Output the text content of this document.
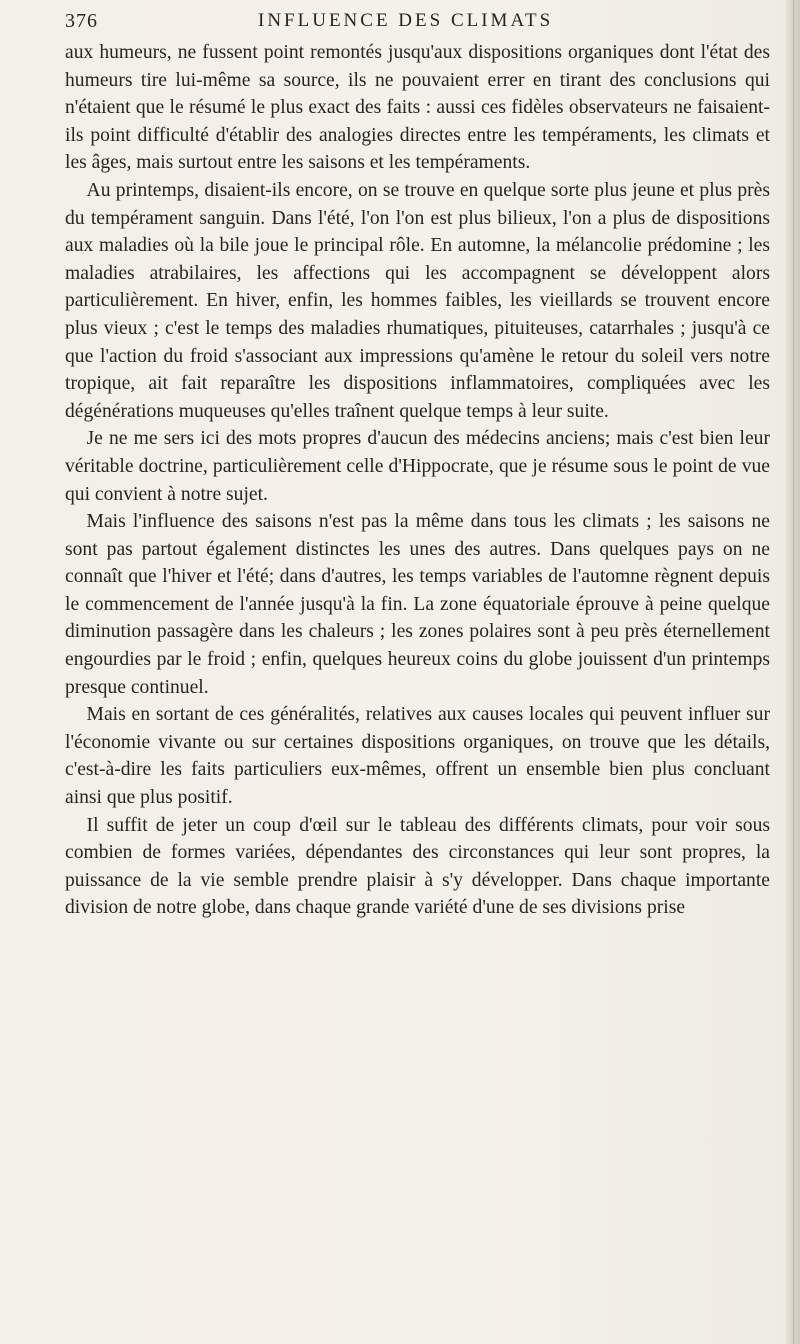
376	INFLUENCE DES CLIMATS

aux humeurs, ne fussent point remontés jusqu'aux dispositions organiques dont l'état des humeurs tire lui-même sa source, ils ne pouvaient errer en tirant des conclusions qui n'étaient que le résumé le plus exact des faits : aussi ces fidèles observateurs ne faisaient-ils point difficulté d'établir des analogies directes entre les tempéraments, les climats et les âges, mais surtout entre les saisons et les tempéraments.

Au printemps, disaient-ils encore, on se trouve en quelque sorte plus jeune et plus près du tempérament sanguin. Dans l'été, l'on l'on est plus bilieux, l'on a plus de dispositions aux maladies où la bile joue le principal rôle. En automne, la mélancolie prédomine ; les maladies atrabilaires, les affections qui les accompagnent se développent alors particulièrement. En hiver, enfin, les hommes faibles, les vieillards se trouvent encore plus vieux ; c'est le temps des maladies rhumatiques, pituiteuses, catarrhales ; jusqu'à ce que l'action du froid s'associant aux impressions qu'amène le retour du soleil vers notre tropique, ait fait reparaître les dispositions inflammatoires, compliquées avec les dégénérations muqueuses qu'elles traînent quelque temps à leur suite.

Je ne me sers ici des mots propres d'aucun des médecins anciens; mais c'est bien leur véritable doctrine, particulièrement celle d'Hippocrate, que je résume sous le point de vue qui convient à notre sujet.

Mais l'influence des saisons n'est pas la même dans tous les climats ; les saisons ne sont pas partout également distinctes les unes des autres. Dans quelques pays on ne connaît que l'hiver et l'été; dans d'autres, les temps variables de l'automne règnent depuis le commencement de l'année jusqu'à la fin. La zone équatoriale éprouve à peine quelque diminution passagère dans les chaleurs ; les zones polaires sont à peu près éternellement engourdies par le froid ; enfin, quelques heureux coins du globe jouissent d'un printemps presque continuel.

Mais en sortant de ces généralités, relatives aux causes locales qui peuvent influer sur l'économie vivante ou sur certaines dispositions organiques, on trouve que les détails, c'est-à-dire les faits particuliers eux-mêmes, offrent un ensemble bien plus concluant ainsi que plus positif.

Il suffit de jeter un coup d'œil sur le tableau des différents climats, pour voir sous combien de formes variées, dépendantes des circonstances qui leur sont propres, la puissance de la vie semble prendre plaisir à s'y développer. Dans chaque importante division de notre globe, dans chaque grande variété d'une de ses divisions prise
